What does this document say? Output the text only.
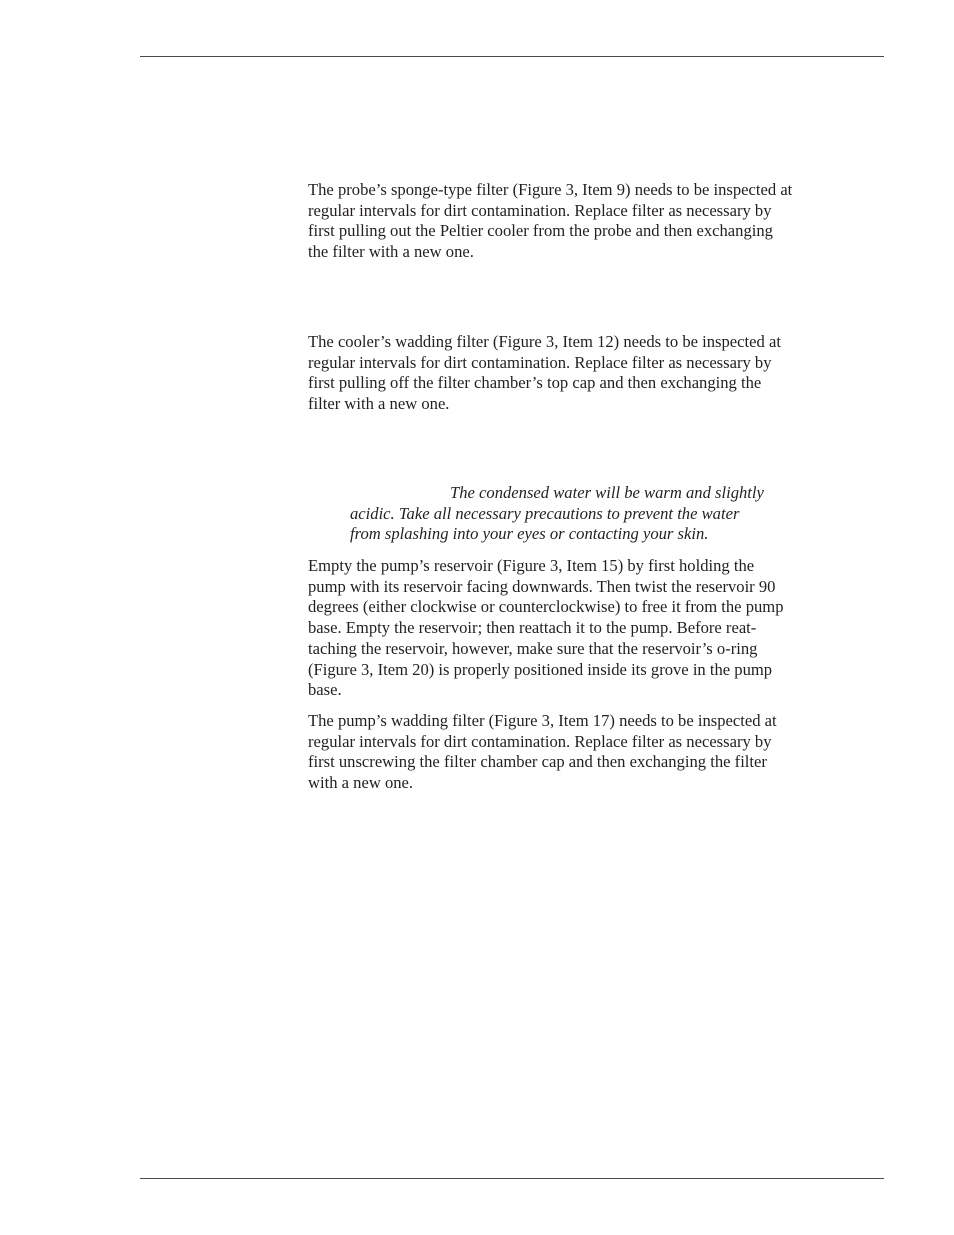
The probe’s sponge-type filter (Figure 3, Item 9) needs to be inspected at
regular intervals for dirt contamination. Replace filter as necessary by
first pulling out the Peltier cooler from the probe and then exchanging
the filter with a new one.

The cooler’s wadding filter (Figure 3, Item 12) needs to be inspected at
regular intervals for dirt contamination. Replace filter as necessary by
first pulling off the filter chamber’s top cap and then exchanging the
filter with a new one.

The condensed water will be warm and slightly
acidic. Take all necessary precautions to prevent the water
from splashing into your eyes or contacting your skin.

Empty the pump’s reservoir (Figure 3, Item 15) by first holding the
pump with its reservoir facing downwards. Then twist the reservoir 90
degrees (either clockwise or counterclockwise) to free it from the pump
base. Empty the reservoir; then reattach it to the pump. Before reat-
taching the reservoir, however, make sure that the reservoir’s o-ring
(Figure 3, Item 20) is properly positioned inside its grove in the pump
base.

The pump’s wadding filter (Figure 3, Item 17) needs to be inspected at
regular intervals for dirt contamination. Replace filter as necessary by
first unscrewing the filter chamber cap and then exchanging the filter
with a new one.
